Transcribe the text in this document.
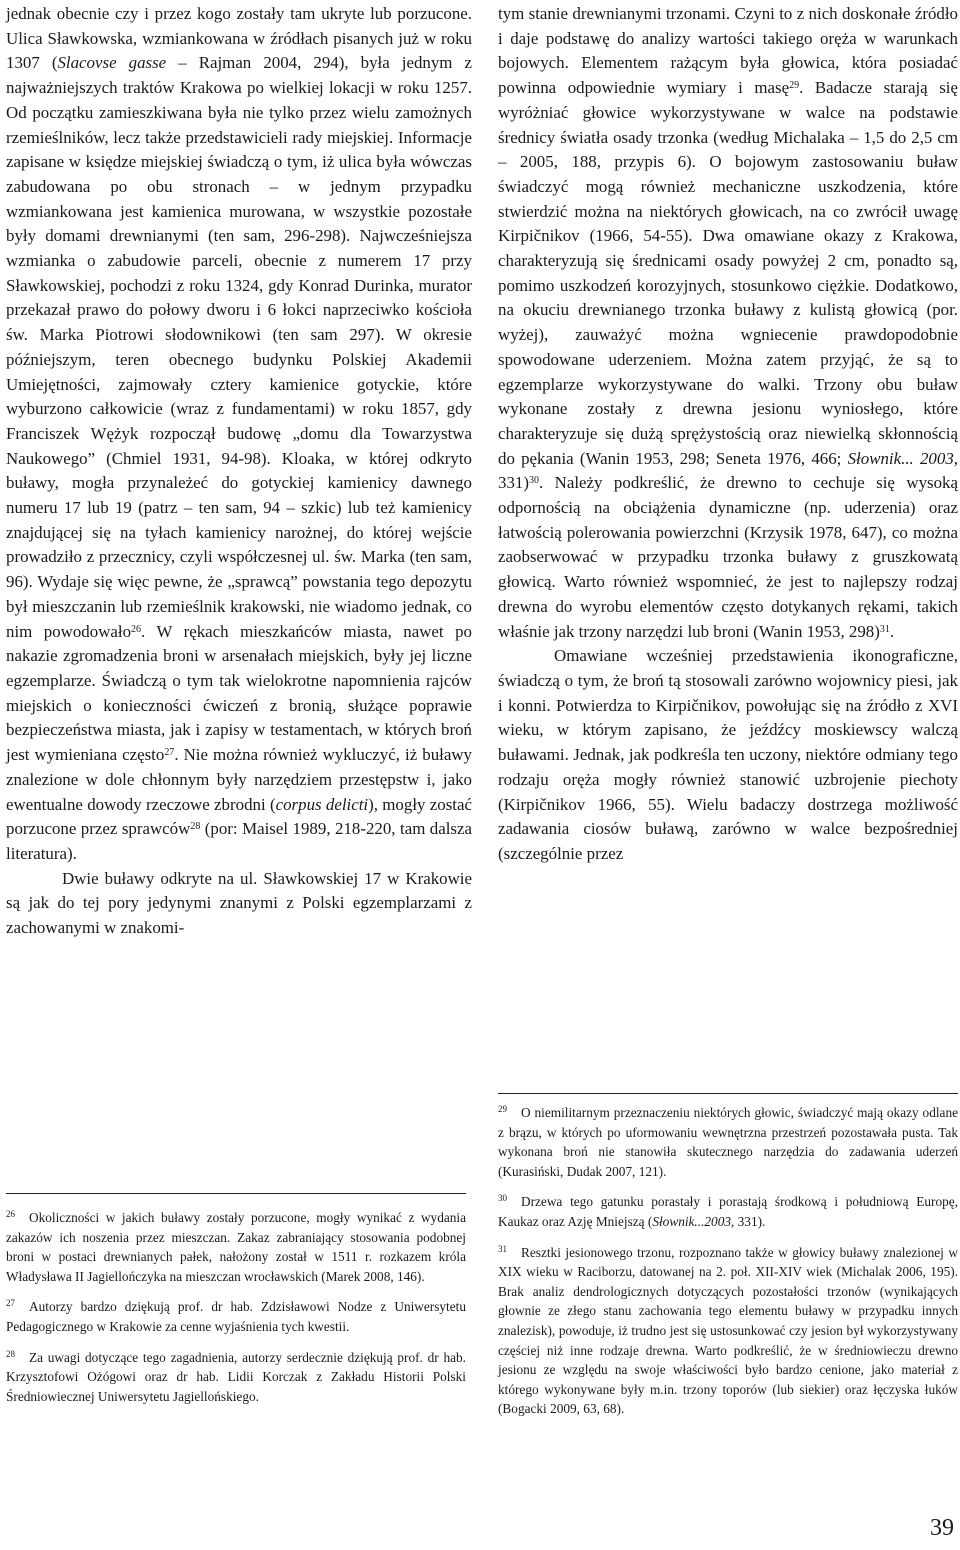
jednak obecnie czy i przez kogo zostały tam ukryte lub porzucone. Ulica Sławkowska, wzmiankowana w źródłach pisanych już w roku 1307 (Slacovse gasse – Rajman 2004, 294), była jednym z najważniejszych traktów Krakowa po wielkiej lokacji w roku 1257. Od początku zamieszkiwana była nie tylko przez wielu zamożnych rzemieślników, lecz także przedstawicieli rady miejskiej. Informacje zapisane w księdze miejskiej świadczą o tym, iż ulica była wówczas zabudowana po obu stronach – w jednym przypadku wzmiankowana jest kamienica murowana, w wszystkie pozostałe były domami drewnianymi (ten sam, 296-298). Najwcześniejsza wzmianka o zabudowie parceli, obecnie z numerem 17 przy Sławkowskiej, pochodzi z roku 1324, gdy Konrad Durinka, murator przekazał prawo do połowy dworu i 6 łokci naprzeciwko kościoła św. Marka Piotrowi słodownikowi (ten sam 297). W okresie późniejszym, teren obecnego budynku Polskiej Akademii Umiejętności, zajmowały cztery kamienice gotyckie, które wyburzono całkowicie (wraz z fundamentami) w roku 1857, gdy Franciszek Wężyk rozpoczął budowę „domu dla Towarzystwa Naukowego” (Chmiel 1931, 94-98). Kloaka, w której odkryto buławy, mogła przynależeć do gotyckiej kamienicy dawnego numeru 17 lub 19 (patrz – ten sam, 94 – szkic) lub też kamienicy znajdującej się na tyłach kamienicy narożnej, do której wejście prowadziło z przecznicy, czyli współczesnej ul. św. Marka (ten sam, 96). Wydaje się więc pewne, że „sprawcą” powstania tego depozytu był mieszczanin lub rzemieślnik krakowski, nie wiadomo jednak, co nim powodowało$^{26}$. W rękach mieszkańców miasta, nawet po nakazie zgromadzenia broni w arsenałach miejskich, były jej liczne egzemplarze. Świadczą o tym tak wielokrotne napomnienia rajców miejskich o konieczności ćwiczeń z bronią, służące poprawie bezpieczeństwa miasta, jak i zapisy w testamentach, w których broń jest wymieniana często$^{27}$. Nie można również wykluczyć, iż buławy znalezione w dole chłonnym były narzędziem przestępstw i, jako ewentualne dowody rzeczowe zbrodni (corpus delicti), mogły zostać porzucone przez sprawców$^{28}$ (por: Maisel 1989, 218-220, tam dalsza literatura).

Dwie buławy odkryte na ul. Sławkowskiej 17 w Krakowie są jak do tej pory jedynymi znanymi z Polski egzemplarzami z zachowanymi w znakomi-

tym stanie drewnianymi trzonami. Czyni to z nich doskonałe źródło i daje podstawę do analizy wartości takiego oręża w warunkach bojowych. Elementem rażącym była głowica, która posiadać powinna odpowiednie wymiary i masę$^{29}$. Badacze starają się wyróżniać głowice wykorzystywane w walce na podstawie średnicy światła osady trzonka (według Michalaka – 1,5 do 2,5 cm – 2005, 188, przypis 6). O bojowym zastosowaniu buław świadczyć mogą również mechaniczne uszkodzenia, które stwierdzić można na niektórych głowicach, na co zwrócił uwagę Kirpičnikov (1966, 54-55). Dwa omawiane okazy z Krakowa, charakteryzują się średnicami osady powyżej 2 cm, ponadto są, pomimo uszkodzeń korozyjnych, stosunkowo ciężkie. Dodatkowo, na okuciu drewnianego trzonka buławy z kulistą głowicą (por. wyżej), zauważyć można wgniecenie prawdopodobnie spowodowane uderzeniem. Można zatem przyjąć, że są to egzemplarze wykorzystywane do walki. Trzony obu buław wykonane zostały z drewna jesionu wyniosłego, które charakteryzuje się dużą sprężystością oraz niewielką skłonnością do pękania (Wanin 1953, 298; Seneta 1976, 466; Słownik... 2003, 331)$^{30}$. Należy podkreślić, że drewno to cechuje się wysoką odpornością na obciążenia dynamiczne (np. uderzenia) oraz łatwością polerowania powierzchni (Krzysik 1978, 647), co można zaobserwować w przypadku trzonka buławy z gruszkowatą głowicą. Warto również wspomnieć, że jest to najlepszy rodzaj drewna do wyrobu elementów często dotykanych rękami, takich właśnie jak trzony narzędzi lub broni (Wanin 1953, 298)$^{31}$.

Omawiane wcześniej przedstawienia ikonograficzne, świadczą o tym, że broń tą stosowali zarówno wojownicy piesi, jak i konni. Potwierdza to Kirpičnikov, powołując się na źródło z XVI wieku, w którym zapisano, że jeźdźcy moskiewscy walczą buławami. Jednak, jak podkreśla ten uczony, niektóre odmiany tego rodzaju oręża mogły również stanowić uzbrojenie piechoty (Kirpičnikov 1966, 55). Wielu badaczy dostrzega możliwość zadawania ciosów buławą, zarówno w walce bezpośredniej (szczególnie przez

$^{26}$ Okoliczności w jakich buławy zostały porzucone, mogły wynikać z wydania zakazów ich noszenia przez mieszczan. Zakaz zabraniający stosowania podobnej broni w postaci drewnianych pałek, nałożony został w 1511 r. rozkazem króla Władysława II Jagiellończyka na mieszczan wrocławskich (Marek 2008, 146).

$^{27}$ Autorzy bardzo dziękują prof. dr hab. Zdzisławowi Nodze z Uniwersytetu Pedagogicznego w Krakowie za cenne wyjaśnienia tych kwestii.

$^{28}$ Za uwagi dotyczące tego zagadnienia, autorzy serdecznie dziękują prof. dr hab. Krzysztofowi Ożógowi oraz dr hab. Lidii Korczak z Zakładu Historii Polski Średniowiecznej Uniwersytetu Jagiellońskiego.

$^{29}$ O niemilitarnym przeznaczeniu niektórych głowic, świadczyć mają okazy odlane z brązu, w których po uformowaniu wewnętrzna przestrzeń pozostawała pusta. Tak wykonana broń nie stanowiła skutecznego narzędzia do zadawania uderzeń (Kurasiński, Dudak 2007, 121).

$^{30}$ Drzewa tego gatunku porastały i porastają środkową i południową Europę, Kaukaz oraz Azję Mniejszą (Słownik...2003, 331).

$^{31}$ Resztki jesionowego trzonu, rozpoznano także w głowicy buławy znalezionej w XIX wieku w Raciborzu, datowanej na 2. poł. XII-XIV wiek (Michalak 2006, 195). Brak analiz dendrologicznych dotyczących pozostałości trzonów (wynikających głownie ze złego stanu zachowania tego elementu buławy w przypadku innych znalezisk), powoduje, iż trudno jest się ustosunkować czy jesion był wykorzystywany częściej niż inne rodzaje drewna. Warto podkreślić, że w średniowieczu drewno jesionu ze względu na swoje właściwości było bardzo cenione, jako materiał z którego wykonywane były m.in. trzony toporów (lub siekier) oraz łęczyska łuków (Bogacki 2009, 63, 68).

39
